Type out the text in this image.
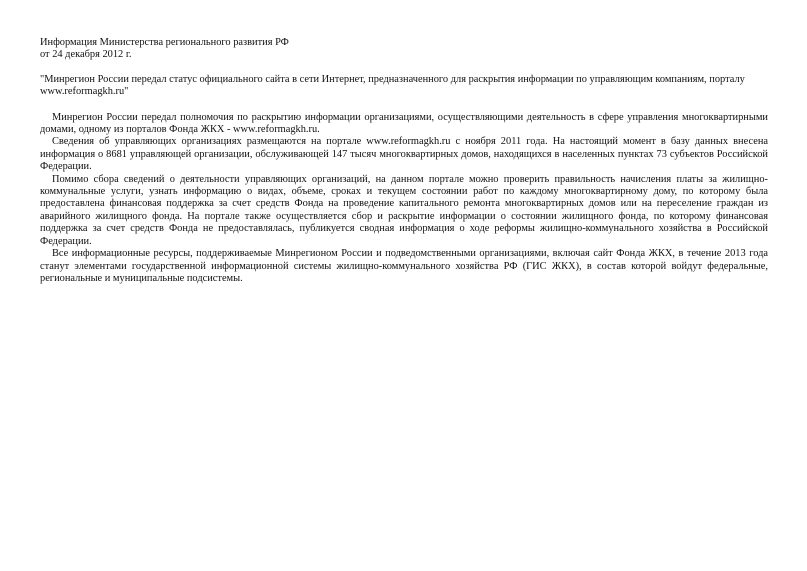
Информация Министерства регионального развития РФ
от 24 декабря 2012 г.
"Минрегион России передал статус официального сайта в сети Интернет, предназначенного для раскрытия информации по управляющим компаниям, порталу www.reformagkh.ru"

Минрегион России передал полномочия по раскрытию информации организациями, осуществляющими деятельность в сфере управления многоквартирными домами, одному из порталов Фонда ЖКХ - www.reformagkh.ru.

Сведения об управляющих организациях размещаются на портале www.reformagkh.ru с ноября 2011 года. На настоящий момент в базу данных внесена информация о 8681 управляющей организации, обслуживающей 147 тысяч многоквартирных домов, находящихся в населенных пунктах 73 субъектов Российской Федерации.

Помимо сбора сведений о деятельности управляющих организаций, на данном портале можно проверить правильность начисления платы за жилищно-коммунальные услуги, узнать информацию о видах, объеме, сроках и текущем состоянии работ по каждому многоквартирному дому, по которому была предоставлена финансовая поддержка за счет средств Фонда на проведение капитального ремонта многоквартирных домов или на переселение граждан из аварийного жилищного фонда. На портале также осуществляется сбор и раскрытие информации о состоянии жилищного фонда, по которому финансовая поддержка за счет средств Фонда не предоставлялась, публикуется сводная информация о ходе реформы жилищно-коммунального хозяйства в Российской Федерации.

Все информационные ресурсы, поддерживаемые Минрегионом России и подведомственными организациями, включая сайт Фонда ЖКХ, в течение 2013 года станут элементами государственной информационной системы жилищно-коммунального хозяйства РФ (ГИС ЖКХ), в состав которой войдут федеральные, региональные и муниципальные подсистемы.
